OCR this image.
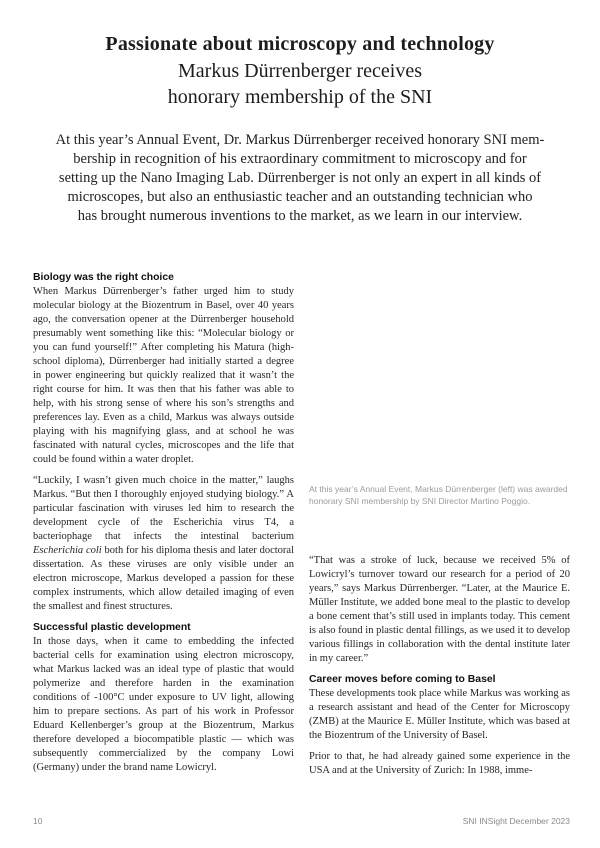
Passionate about microscopy and technology
Markus Dürrenberger receives
honorary membership of the SNI
At this year’s Annual Event, Dr. Markus Dürrenberger received honorary SNI mem-
bership in recognition of his extraordinary commitment to microscopy and for
setting up the Nano Imaging Lab. Dürrenberger is not only an expert in all kinds of
microscopes, but also an enthusiastic teacher and an outstanding technician who
has brought numerous inventions to the market, as we learn in our interview.
Biology was the right choice

When Markus Dürrenberger’s father urged him to study molecular biology at the Biozentrum in Basel, over 40 years ago, the conversation opener at the Dürrenberger household presumably went something like this: “Molecular biology or you can fund yourself!” After completing his Matura (high-school diploma), Dürrenberger had initially started a degree in power engineering but quickly realized that it wasn’t the right course for him. It was then that his father was able to help, with his strong sense of where his son’s strengths and preferences lay. Even as a child, Markus was always outside playing with his magnifying glass, and at school he was fascinated with natural cycles, microscopes and the life that could be found within a water droplet.

“Luckily, I wasn’t given much choice in the matter,” laughs Markus. “But then I thoroughly enjoyed studying biology.” A particular fascination with viruses led him to research the development cycle of the Escherichia virus T4, a bacteriophage that infects the intestinal bacterium Escherichia coli both for his diploma thesis and later doctoral dissertation. As these viruses are only visible under an electron microscope, Markus developed a passion for these complex instruments, which allow detailed imaging of even the smallest and finest structures.

Successful plastic development

In those days, when it came to embedding the infected bacterial cells for examination using electron microscopy, what Markus lacked was an ideal type of plastic that would polymerize and therefore harden in the examination conditions of -100°C under exposure to UV light, allowing him to prepare sections. As part of his work in Professor Eduard Kellenberger’s group at the Biozentrum, Markus therefore developed a biocompatible plastic — which was subsequently commercialized by the company Lowi (Germany) under the brand name Lowicryl.

At this year’s Annual Event, Markus Dürrenberger (left) was awarded honorary SNI membership by SNI Director Martino Poggio.

“That was a stroke of luck, because we received 5% of Lowicryl’s turnover toward our research for a period of 20 years,” says Markus Dürrenberger. “Later, at the Maurice E. Müller Institute, we added bone meal to the plastic to develop a bone cement that’s still used in implants today. This cement is also found in plastic dental fillings, as we used it to develop various fillings in collaboration with the dental institute later in my career.”

Career moves before coming to Basel

These developments took place while Markus was working as a research assistant and head of the Center for Microscopy (ZMB) at the Maurice E. Müller Institute, which was based at the Biozentrum of the University of Basel.

Prior to that, he had already gained some experience in the USA and at the University of Zurich: In 1988, imme-

10	SNI INSight December 2023
